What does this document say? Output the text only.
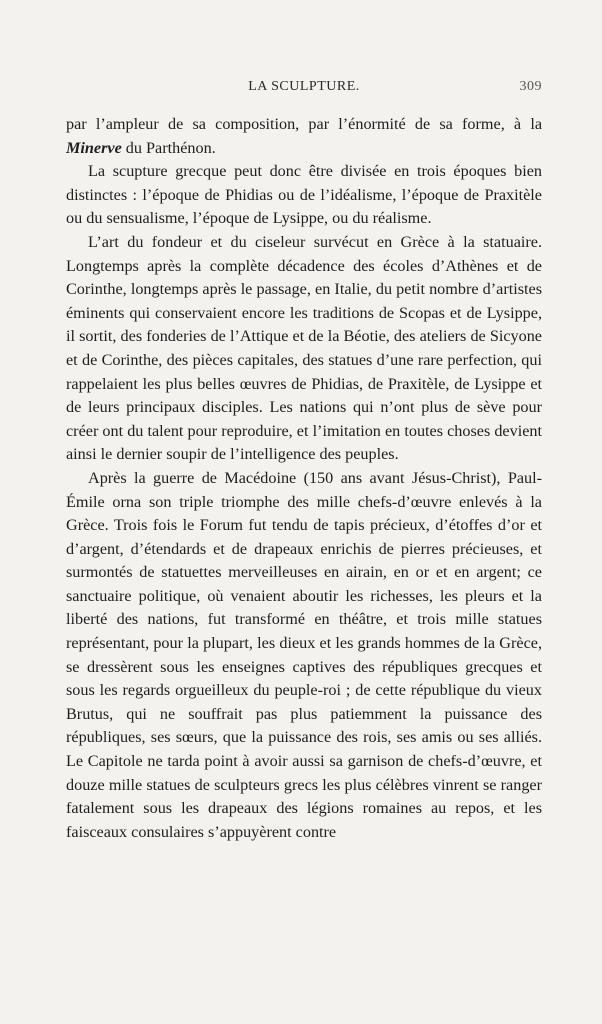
LA SCULPTURE.	309

par l’ampleur de sa composition, par l’énormité de sa forme, à la Minerve du Parthénon.

La scupture grecque peut donc être divisée en trois époques bien distinctes : l’époque de Phidias ou de l’idéalisme, l’époque de Praxitèle ou du sensualisme, l’époque de Lysippe, ou du réalisme.

L’art du fondeur et du ciseleur survécut en Grèce à la statuaire. Longtemps après la complète décadence des écoles d’Athènes et de Corinthe, longtemps après le passage, en Italie, du petit nombre d’artistes éminents qui conservaient encore les traditions de Scopas et de Lysippe, il sortit, des fonderies de l’Attique et de la Béotie, des ateliers de Sicyone et de Corinthe, des pièces capitales, des statues d’une rare perfection, qui rappelaient les plus belles œuvres de Phidias, de Praxitèle, de Lysippe et de leurs principaux disciples. Les nations qui n’ont plus de sève pour créer ont du talent pour reproduire, et l’imitation en toutes choses devient ainsi le dernier soupir de l’intelligence des peuples.

Après la guerre de Macédoine (150 ans avant Jésus-Christ), Paul-Émile orna son triple triomphe des mille chefs-d’œuvre enlevés à la Grèce. Trois fois le Forum fut tendu de tapis précieux, d’étoffes d’or et d’argent, d’étendards et de drapeaux enrichis de pierres précieuses, et surmontés de statuettes merveilleuses en airain, en or et en argent; ce sanctuaire politique, où venaient aboutir les richesses, les pleurs et la liberté des nations, fut transformé en théâtre, et trois mille statues représentant, pour la plupart, les dieux et les grands hommes de la Grèce, se dressèrent sous les enseignes captives des républiques grecques et sous les regards orgueilleux du peuple-roi ; de cette république du vieux Brutus, qui ne souffrait pas plus patiemment la puissance des républiques, ses sœurs, que la puissance des rois, ses amis ou ses alliés. Le Capitole ne tarda point à avoir aussi sa garnison de chefs-d’œuvre, et douze mille statues de sculpteurs grecs les plus célèbres vinrent se ranger fatalement sous les drapeaux des légions romaines au repos, et les faisceaux consulaires s’appuyèrent contre
